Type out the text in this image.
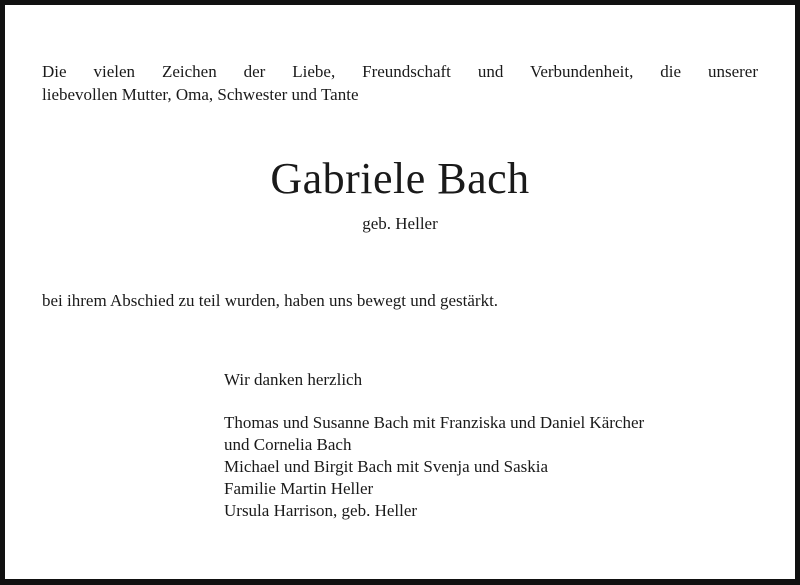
Die vielen Zeichen der Liebe, Freundschaft und Verbundenheit, die unserer
liebevollen Mutter, Oma, Schwester und Tante
Gabriele Bach
geb. Heller
bei ihrem Abschied zu teil wurden, haben uns bewegt und gestärkt.
Wir danken herzlich
Thomas und Susanne Bach mit Franziska und Daniel Kärcher
und Cornelia Bach
Michael und Birgit Bach mit Svenja und Saskia
Familie Martin Heller
Ursula Harrison, geb. Heller
